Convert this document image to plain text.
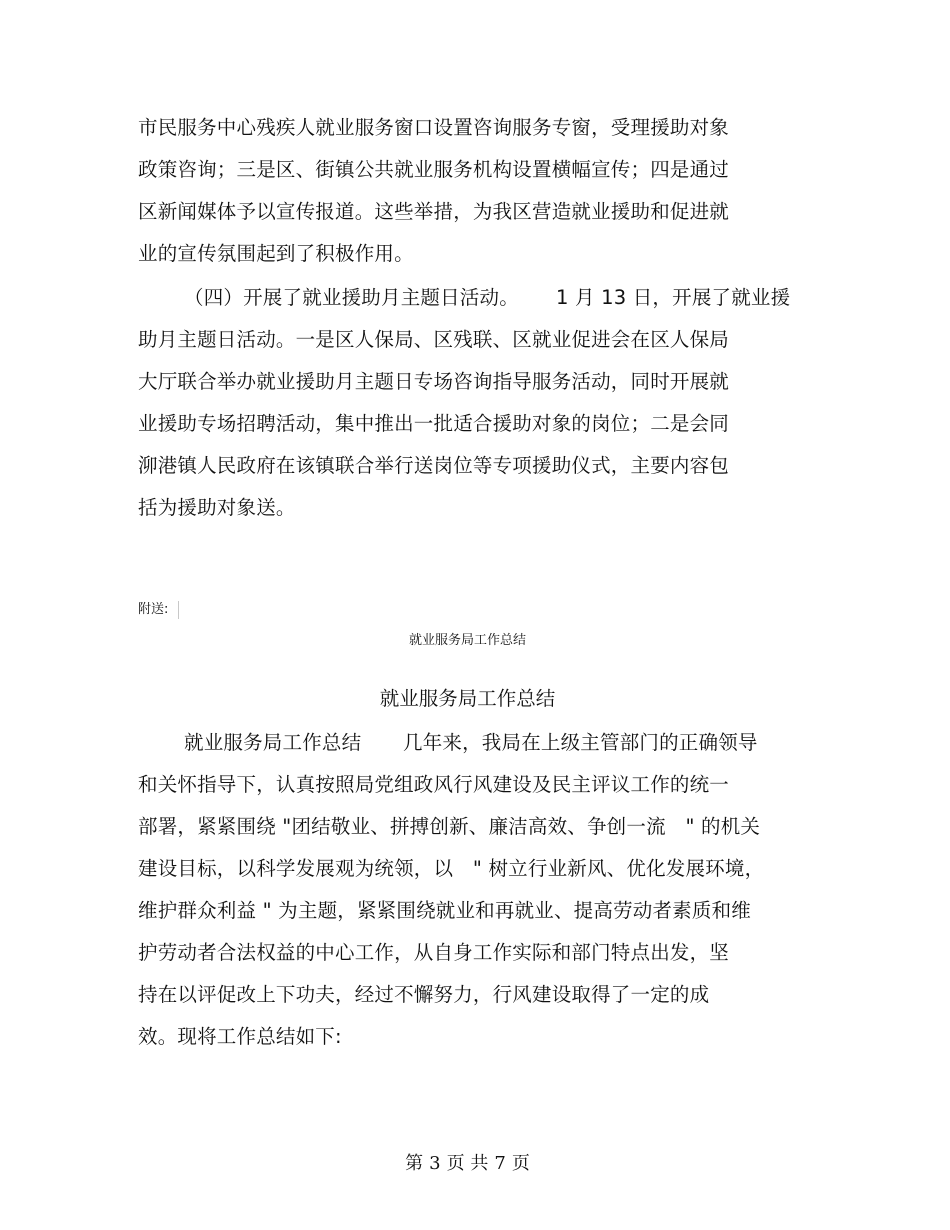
市民服务中心残疾人就业服务窗口设置咨询服务专窗，受理援助对象
政策咨询；三是区、街镇公共就业服务机构设置横幅宣传；四是通过
区新闻媒体予以宣传报道。这些举措，为我区营造就业援助和促进就
业的宣传氛围起到了积极作用。
（四）开展了就业援助月主题日活动。 1 月 13 日，开展了就业援
助月主题日活动。一是区人保局、区残联、区就业促进会在区人保局
大厅联合举办就业援助月主题日专场咨询指导服务活动，同时开展就
业援助专场招聘活动，集中推出一批适合援助对象的岗位；二是会同
泖港镇人民政府在该镇联合举行送岗位等专项援助仪式，主要内容包
括为援助对象送。
附送:
就业服务局工作总结
就业服务局工作总结
就业服务局工作总结 几年来，我局在上级主管部门的正确领导
和关怀指导下，认真按照局党组政风行风建设及民主评议工作的统一
部署，紧紧围绕 "团结敬业、拼搏创新、廉洁高效、争创一流　" 的机关
建设目标，以科学发展观为统领，以　" 树立行业新风、优化发展环境，
维护群众利益 " 为主题，紧紧围绕就业和再就业、提高劳动者素质和维
护劳动者合法权益的中心工作，从自身工作实际和部门特点出发，坚
持在以评促改上下功夫，经过不懈努力，行风建设取得了一定的成
效。现将工作总结如下:
第 3 页 共 7 页
